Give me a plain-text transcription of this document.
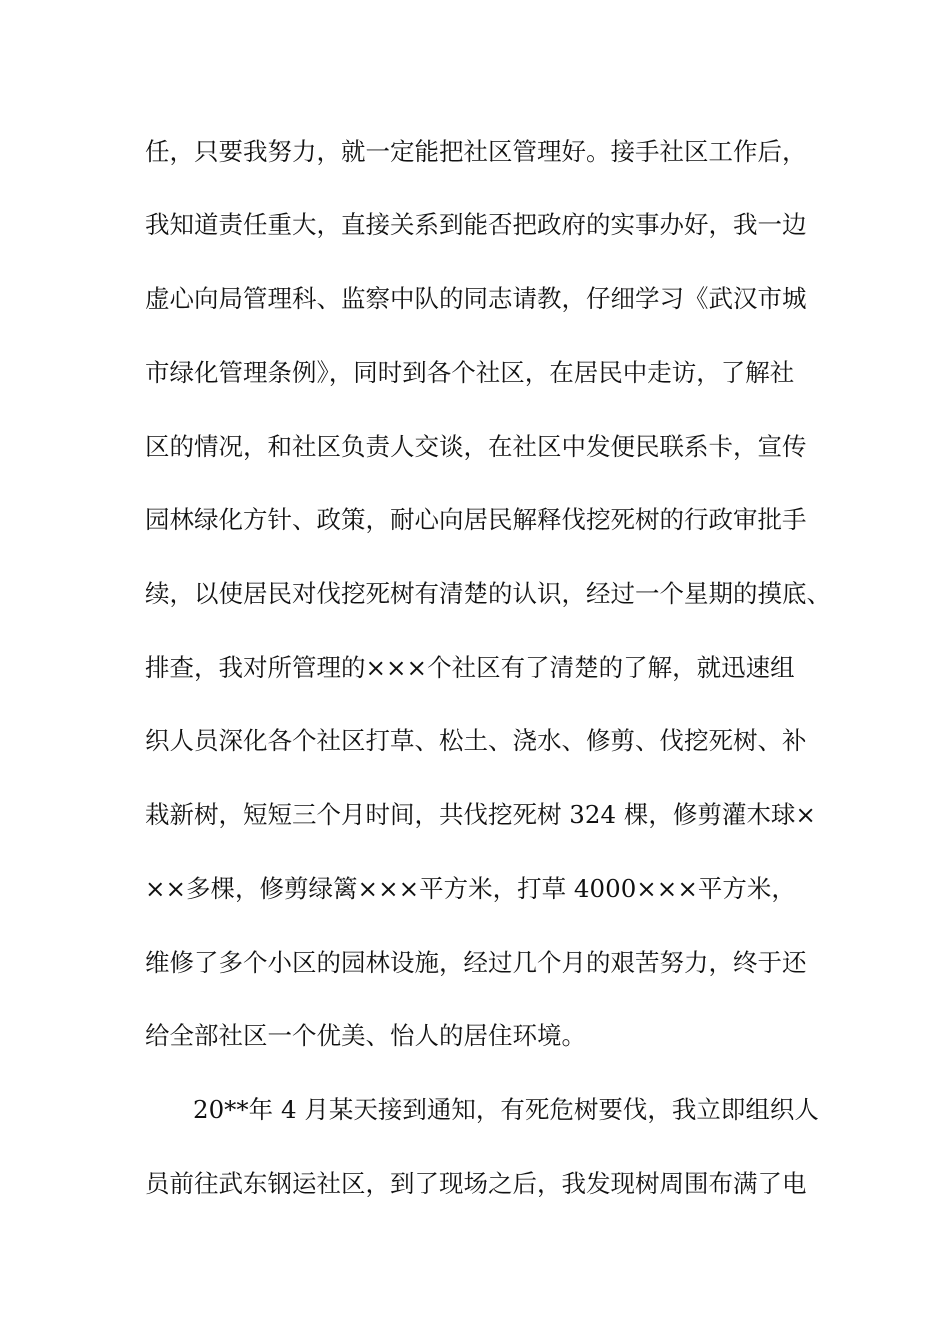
任，只要我努力，就一定能把社区管理好。接手社区工作后，
我知道责任重大，直接关系到能否把政府的实事办好，我一边
虚心向局管理科、监察中队的同志请教，仔细学习《武汉市城
市绿化管理条例》，同时到各个社区，在居民中走访，了解社
区的情况，和社区负责人交谈，在社区中发便民联系卡，宣传
园林绿化方针、政策，耐心向居民解释伐挖死树的行政审批手
续，以使居民对伐挖死树有清楚的认识，经过一个星期的摸底、
排查，我对所管理的×××个社区有了清楚的了解，就迅速组
织人员深化各个社区打草、松土、浇水、修剪、伐挖死树、补
栽新树，短短三个月时间，共伐挖死树 324 棵，修剪灌木球×
××多棵，修剪绿篱×××平方米，打草 4000×××平方米，
维修了多个小区的园林设施，经过几个月的艰苦努力，终于还
给全部社区一个优美、怡人的居住环境。
20**年 4 月某天接到通知，有死危树要伐，我立即组织人
员前往武东钢运社区，到了现场之后，我发现树周围布满了电
